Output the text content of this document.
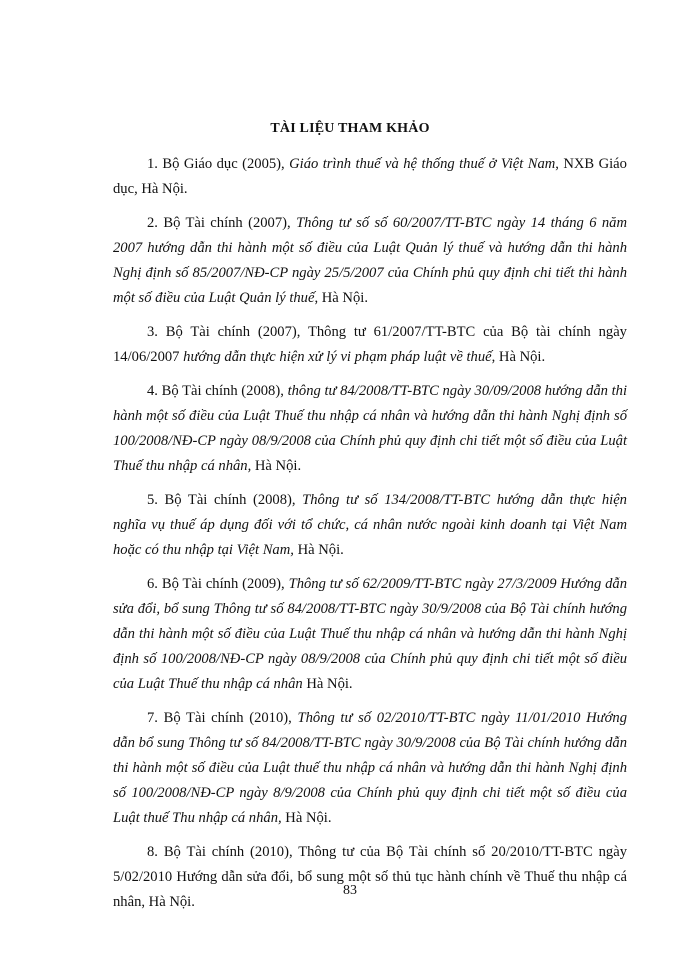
TÀI LIỆU THAM KHẢO

1. Bộ Giáo dục (2005), Giáo trình thuế và hệ thống thuế ở Việt Nam, NXB Giáo dục, Hà Nội.

2. Bộ Tài chính (2007), Thông tư số số 60/2007/TT-BTC ngày 14 tháng 6 năm 2007 hướng dẫn thi hành một số điều của Luật Quản lý thuế và hướng dẫn thi hành Nghị định số 85/2007/NĐ-CP ngày 25/5/2007 của Chính phủ quy định chi tiết thi hành một số điều của Luật Quản lý thuế, Hà Nội.

3. Bộ Tài chính (2007), Thông tư 61/2007/TT-BTC của Bộ tài chính ngày 14/06/2007 hướng dẫn thực hiện xử lý vi phạm pháp luật về thuế, Hà Nội.

4. Bộ Tài chính (2008), thông tư 84/2008/TT-BTC ngày 30/09/2008 hướng dẫn thi hành một số điều của Luật Thuế thu nhập cá nhân và hướng dẫn thi hành Nghị định số 100/2008/NĐ-CP ngày 08/9/2008 của Chính phủ quy định chi tiết một số điều của Luật Thuế thu nhập cá nhân, Hà Nội.

5. Bộ Tài chính (2008), Thông tư số 134/2008/TT-BTC hướng dẫn thực hiện nghĩa vụ thuế áp dụng đối với tổ chức, cá nhân nước ngoài kinh doanh tại Việt Nam hoặc có thu nhập tại Việt Nam, Hà Nội.

6. Bộ Tài chính (2009), Thông tư số 62/2009/TT-BTC ngày 27/3/2009 Hướng dẫn sửa đổi, bổ sung Thông tư số 84/2008/TT-BTC ngày 30/9/2008 của Bộ Tài chính hướng dẫn thi hành một số điều của Luật Thuế thu nhập cá nhân và hướng dẫn thi hành Nghị định số 100/2008/NĐ-CP ngày 08/9/2008 của Chính phủ quy định chi tiết một số điều của Luật Thuế thu nhập cá nhân Hà Nội.

7. Bộ Tài chính (2010), Thông tư số 02/2010/TT-BTC ngày 11/01/2010 Hướng dẫn bổ sung Thông tư số 84/2008/TT-BTC ngày 30/9/2008 của Bộ Tài chính hướng dẫn thi hành một số điều của Luật thuế thu nhập cá nhân và hướng dẫn thi hành Nghị định số 100/2008/NĐ-CP ngày 8/9/2008 của Chính phủ quy định chi tiết một số điều của Luật thuế Thu nhập cá nhân, Hà Nội.

8. Bộ Tài chính (2010), Thông tư của Bộ Tài chính số 20/2010/TT-BTC ngày 5/02/2010 Hướng dẫn sửa đổi, bổ sung một số thủ tục hành chính về Thuế thu nhập cá nhân, Hà Nội.

83
